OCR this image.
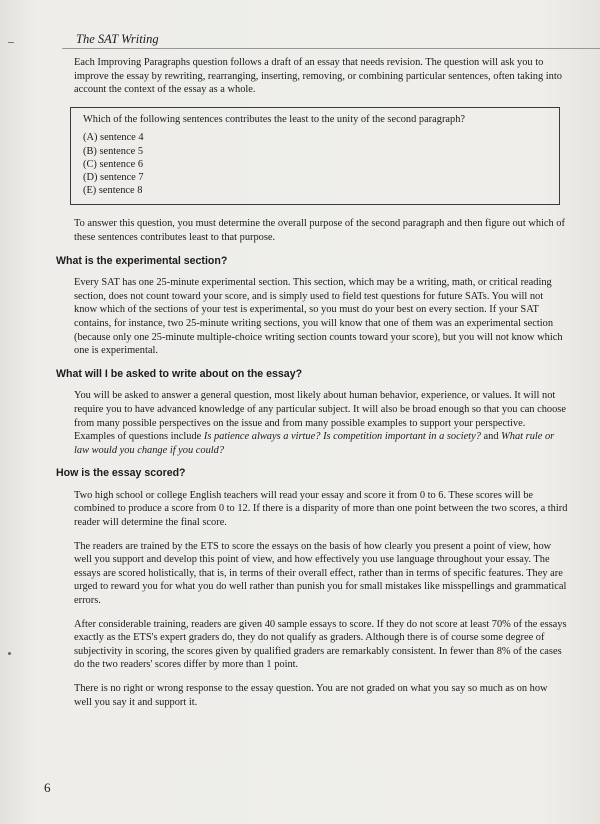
The SAT Writing

Each Improving Paragraphs question follows a draft of an essay that needs revision. The question will ask you to improve the essay by rewriting, rearranging, inserting, removing, or combining particular sentences, often taking into account the context of the essay as a whole.

Which of the following sentences contributes the least to the unity of the second paragraph?

(A) sentence 4
(B) sentence 5
(C) sentence 6
(D) sentence 7
(E) sentence 8

To answer this question, you must determine the overall purpose of the second paragraph and then figure out which of these sentences contributes least to that purpose.

What is the experimental section?

Every SAT has one 25-minute experimental section. This section, which may be a writing, math, or critical reading section, does not count toward your score, and is simply used to field test questions for future SATs. You will not know which of the sections of your test is experimental, so you must do your best on every section. If your SAT contains, for instance, two 25-minute writing sections, you will know that one of them was an experimental section (because only one 25-minute multiple-choice writing section counts toward your score), but you will not know which one is experimental.

What will I be asked to write about on the essay?

You will be asked to answer a general question, most likely about human behavior, experience, or values. It will not require you to have advanced knowledge of any particular subject. It will also be broad enough so that you can choose from many possible perspectives on the issue and from many possible examples to support your perspective. Examples of questions include Is patience always a virtue? Is competition important in a society? and What rule or law would you change if you could?

How is the essay scored?

Two high school or college English teachers will read your essay and score it from 0 to 6. These scores will be combined to produce a score from 0 to 12. If there is a disparity of more than one point between the two scores, a third reader will determine the final score.

The readers are trained by the ETS to score the essays on the basis of how clearly you present a point of view, how well you support and develop this point of view, and how effectively you use language throughout your essay. The essays are scored holistically, that is, in terms of their overall effect, rather than in terms of specific features. They are urged to reward you for what you do well rather than punish you for small mistakes like misspellings and grammatical errors.

After considerable training, readers are given 40 sample essays to score. If they do not score at least 70% of the essays exactly as the ETS's expert graders do, they do not qualify as graders. Although there is of course some degree of subjectivity in scoring, the scores given by qualified graders are remarkably consistent. In fewer than 8% of the cases do the two readers' scores differ by more than 1 point.

There is no right or wrong response to the essay question. You are not graded on what you say so much as on how well you say it and support it.

6
